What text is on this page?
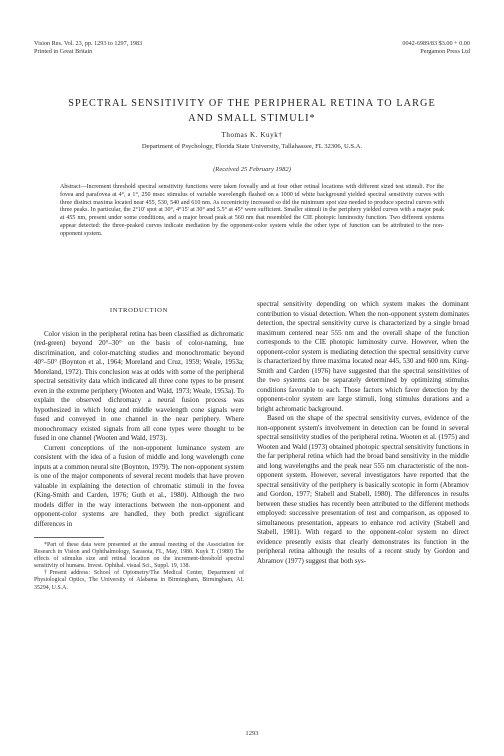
Vision Res. Vol. 23, pp. 1293 to 1297, 1983
Printed in Great Britain
0042-6989/83 $3.00 + 0.00
Pergamon Press Ltd
SPECTRAL SENSITIVITY OF THE PERIPHERAL RETINA TO LARGE AND SMALL STIMULI*
Thomas K. Kuyk†
Department of Psychology, Florida State University, Tallahassee, FL 32306, U.S.A.
(Received 25 February 1982)
Abstract—Increment threshold spectral sensitivity functions were taken foveally and at four other retinal locations with different sized test stimuli. For the fovea and parafovea at 4°, a 1°, 250 msec stimulus of variable wavelength flashed on a 1000 td white background yielded spectral sensitivity curves with three distinct maxima located near 455, 530, 540 and 610 nm. As eccentricity increased so did the minimum spot size needed to produce spectral curves with three peaks. In particular, the 2°10' spot at 30°, 4°15' at 30° and 5.5° at 45° were sufficient. Smaller stimuli in the periphery yielded curves with a major peak at 455 nm, present under some conditions, and a major broad peak at 560 nm that resembled the CIE photopic luminosity function. Two different systems appear detected: the three-peaked curves indicate mediation by the opponent-color system while the other type of function can be attributed to the non-opponent system.
INTRODUCTION

Color vision in the peripheral retina has been classified as dichromatic (red-green) beyond 20°–30° on the basis of color-naming, hue discrimination, and color-matching studies and monochromatic beyond 40°–50° (Boynton et al., 1964; Moreland and Cruz, 1959; Weale, 1953a; Moreland, 1972). This conclusion was at odds with some of the peripheral spectral sensitivity data which indicated all three cone types to be present even in the extreme periphery (Wooten and Wald, 1973; Weale, 1953a). To explain the observed dichromacy a neural fusion process was hypothesized in which long and middle wavelength cone signals were fused and conveyed in one channel in the near periphery. Where monochromacy existed signals from all cone types were thought to be fused in one channel (Wooten and Wald, 1973).

Current conceptions of the non-opponent luminance system are consistent with the idea of a fusion of middle and long wavelength cone inputs at a common neural site (Boynton, 1979). The non-opponent system is one of the major components of several recent models that have proven valuable in explaining the detection of chromatic stimuli in the fovea (King-Smith and Carden, 1976; Guth et al., 1980). Although the two models differ in the way interactions between the non-opponent and opponent-color systems are handled, they both predict significant differences in

*Part of these data were presented at the annual meeting of the Association for Research in Vision and Ophthalmology, Sarasota, FL, May, 1980. Kuyk T. (1980) The effects of stimulus size and retinal location on the increment-threshold spectral sensitivity of humans. Invest. Ophthal. visual Sci., Suppl. 19, 138.

†Present address: School of Optometry/The Medical Center, Department of Physiological Optics, The University of Alabama in Birmingham, Birmingham, AL 35294, U.S.A.

spectral sensitivity depending on which system makes the dominant contribution to visual detection. When the non-opponent system dominates detection, the spectral sensitivity curve is characterized by a single broad maximum centered near 555 nm and the overall shape of the function corresponds to the CIE photopic luminosity curve. However, when the opponent-color system is mediating detection the spectral sensitivity curve is characterized by three maxima located near 445, 530 and 600 nm. King-Smith and Carden (1976) have suggested that the spectral sensitivities of the two systems can be separately determined by optimizing stimulus conditions favorable to each. Those factors which favor detection by the opponent-color system are large stimuli, long stimulus durations and a bright achromatic background.

Based on the shape of the spectral sensitivity curves, evidence of the non-opponent system's involvement in detection can be found in several spectral sensitivity studies of the peripheral retina. Wooten et al. (1975) and Wooten and Wald (1973) obtained photopic spectral sensitivity functions in the far peripheral retina which had the broad band sensitivity in the middle and long wavelengths and the peak near 555 nm characteristic of the non-opponent system. However, several investigators have reported that the spectral sensitivity of the periphery is basically scotopic in form (Abramov and Gordon, 1977; Stabell and Stabell, 1980). The differences in results between these studies has recently been attributed to the different methods employed: successive presentation of test and comparison, as opposed to simultaneous presentation, appears to enhance rod activity (Stabell and Stabell, 1981). With regard to the opponent-color system no direct evidence presently exists that clearly demonstrates its function in the peripheral retina although the results of a recent study by Gordon and Abramov (1977) suggest that both sys-

1293
